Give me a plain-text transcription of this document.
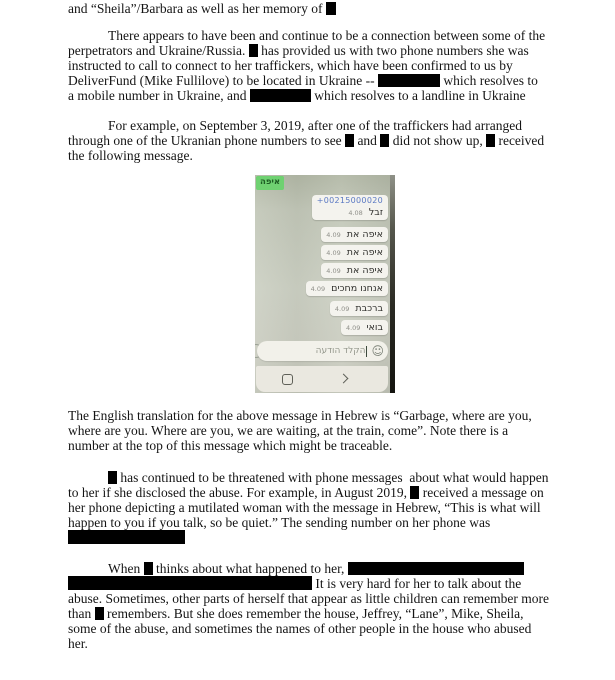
and “Sheila”/Barbara as well as her memory of
There appears to have been and continue to be a connection between some of the
perpetrators and Ukraine/Russia.  has provided us with two phone numbers she was
instructed to call to connect to her traffickers, which have been confirmed to us by
DeliverFund (Mike Fullilove) to be located in Ukraine --	which resolves to
a mobile number in Ukraine, and	which resolves to a landline in Ukraine
For example, on September 3, 2019, after one of the traffickers had arranged
through one of the Ukranian phone numbers to see  and  did not show up,  received
the following message.
The English translation for the above message in Hebrew is “Garbage, where are you,
where are you. Where are you, we are waiting, at the train, come”. Note there is a
number at the top of this message which might be traceable.
has continued to be threatened with phone messages  about what would happen
to her if she disclosed the abuse. For example, in August 2019,  received a message on
her phone depicting a mutilated woman with the message in Hebrew, “This is what will
happen to you if you talk, so be quiet.” The sending number on her phone was
When  thinks about what happened to her,
It is very hard for her to talk about the
abuse. Sometimes, other parts of herself that appear as little children can remember more
than  remembers. But she does remember the house, Jeffrey, “Lane”, Mike, Sheila,
some of the abuse, and sometimes the names of other people in the house who abused
her.
איפה
+00215000020
זבל
4.08
איפה את
4.09
איפה את
4.09
איפה את
4.09
אנחנו מחכים
4.09
ברכבת
4.09
בואי
4.09
☺
הקלד הודעה
